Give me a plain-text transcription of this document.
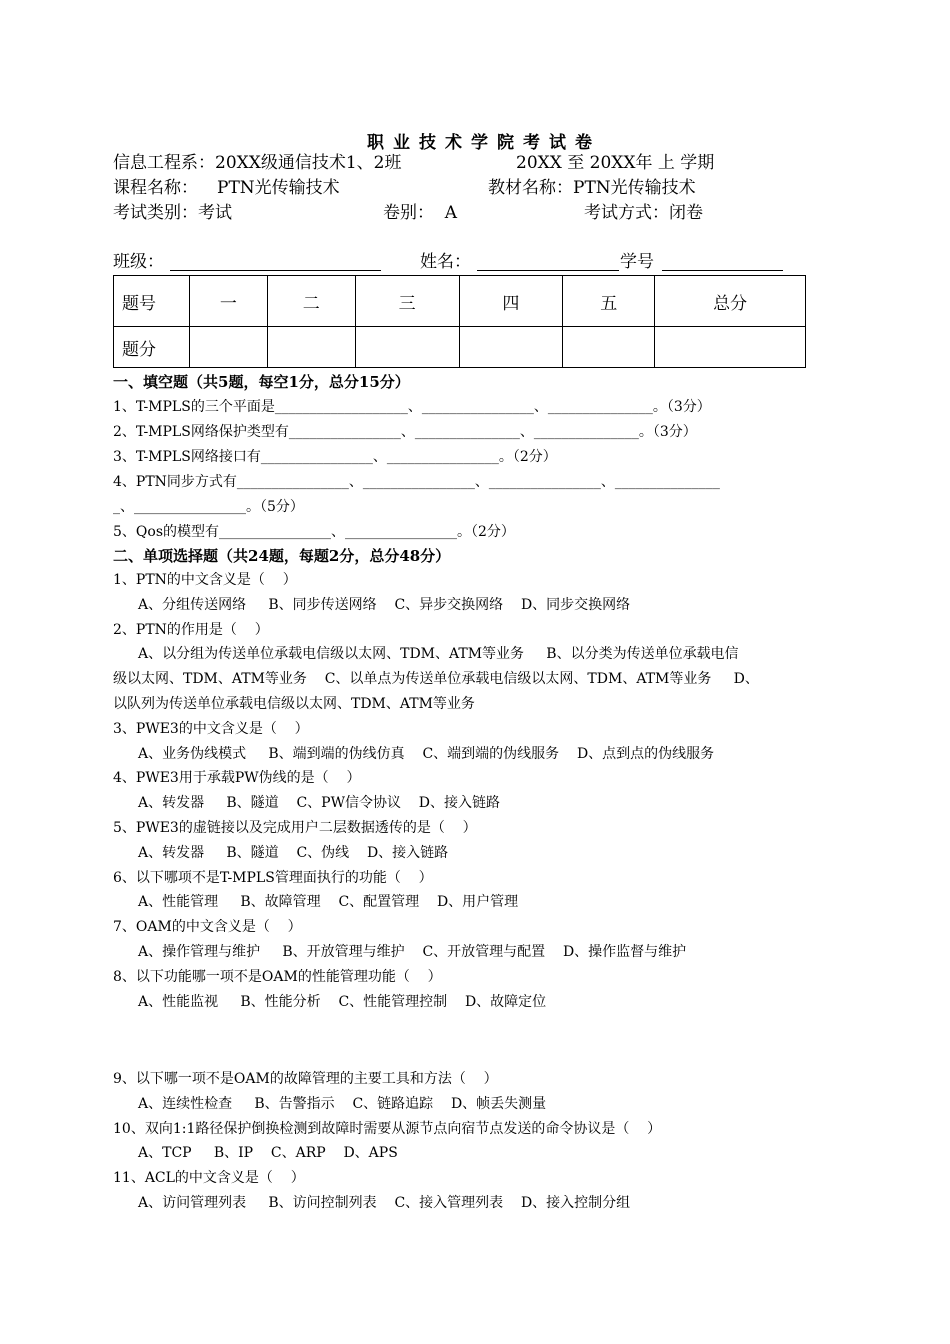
职业技术学院考试卷
信息工程系：20XX级通信技术1、2班	20XX 至 20XX年 上 学期
课程名称： PTN光传输技术	教材名称：PTN光传输技术
考试类别：考试	卷别：  A	考试方式：闭卷
班级：	姓名：	学号
题号	一	二	三	四	五	总分
题分						
一、填空题（共5题，每空1分，总分15分）
1、T-MPLS的三个平面是___________________、________________、_______________。（3分）
2、T-MPLS网络保护类型有________________、_______________、_______________。（3分）
3、T-MPLS网络接口有________________、________________。（2分）
4、PTN同步方式有________________、________________、________________、_______________
_、________________。（5分）
5、Qos的模型有________________、________________。（2分）
二、单项选择题（共24题，每题2分，总分48分）
1、PTN的中文含义是（    ）
A、分组传送网络     B、同步传送网络    C、异步交换网络    D、同步交换网络
2、PTN的作用是（    ）
A、以分组为传送单位承载电信级以太网、TDM、ATM等业务     B、以分类为传送单位承载电信
级以太网、TDM、ATM等业务    C、以单点为传送单位承载电信级以太网、TDM、ATM等业务     D、
以队列为传送单位承载电信级以太网、TDM、ATM等业务
3、PWE3的中文含义是（    ）
A、业务伪线模式     B、端到端的伪线仿真    C、端到端的伪线服务    D、点到点的伪线服务
4、PWE3用于承载PW伪线的是（    ）
A、转发器     B、隧道    C、PW信令协议    D、接入链路
5、PWE3的虚链接以及完成用户二层数据透传的是（    ）
A、转发器     B、隧道    C、伪线    D、接入链路
6、以下哪项不是T-MPLS管理面执行的功能（    ）
A、性能管理     B、故障管理    C、配置管理    D、用户管理
7、OAM的中文含义是（    ）
A、操作管理与维护     B、开放管理与维护    C、开放管理与配置    D、操作监督与维护
8、以下功能哪一项不是OAM的性能管理功能（    ）
A、性能监视     B、性能分析    C、性能管理控制    D、故障定位
9、以下哪一项不是OAM的故障管理的主要工具和方法（    ）
A、连续性检查     B、告警指示    C、链路追踪    D、帧丢失测量
10、双向1:1路径保护倒换检测到故障时需要从源节点向宿节点发送的命令协议是（    ）
A、TCP     B、IP    C、ARP    D、APS
11、ACL的中文含义是（    ）
A、访问管理列表     B、访问控制列表    C、接入管理列表    D、接入控制分组
